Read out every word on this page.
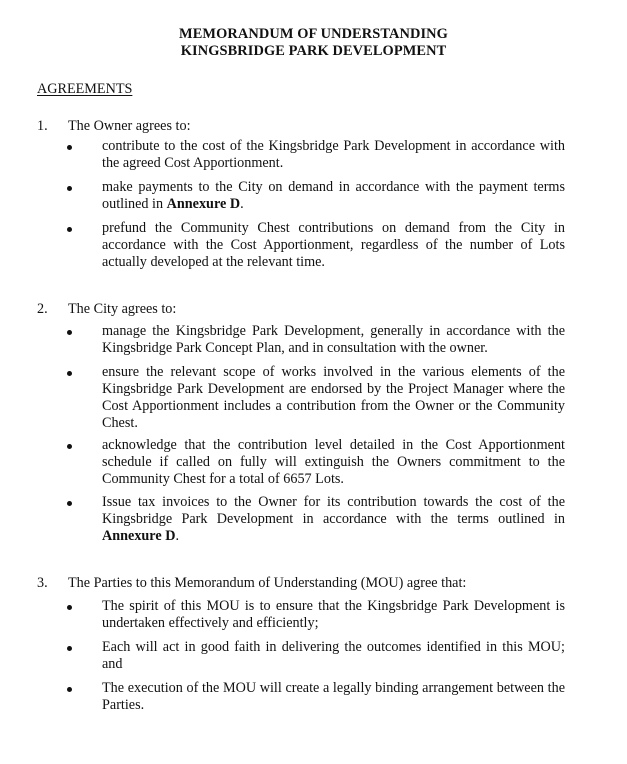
MEMORANDUM OF UNDERSTANDING
KINGSBRIDGE PARK DEVELOPMENT
AGREEMENTS
1. The Owner agrees to:
contribute to the cost of the Kingsbridge Park Development in accordance with the agreed Cost Apportionment.
make payments to the City on demand in accordance with the payment terms outlined in Annexure D.
prefund the Community Chest contributions on demand from the City in accordance with the Cost Apportionment, regardless of the number of Lots actually developed at the relevant time.
2. The City agrees to:
manage the Kingsbridge Park Development, generally in accordance with the Kingsbridge Park Concept Plan, and in consultation with the owner.
ensure the relevant scope of works involved in the various elements of the Kingsbridge Park Development are endorsed by the Project Manager where the Cost Apportionment includes a contribution from the Owner or the Community Chest.
acknowledge that the contribution level detailed in the Cost Apportionment schedule if called on fully will extinguish the Owners commitment to the Community Chest for a total of 6657 Lots.
Issue tax invoices to the Owner for its contribution towards the cost of the Kingsbridge Park Development in accordance with the terms outlined in Annexure D.
3. The Parties to this Memorandum of Understanding (MOU) agree that:
The spirit of this MOU is to ensure that the Kingsbridge Park Development is undertaken effectively and efficiently;
Each will act in good faith in delivering the outcomes identified in this MOU; and
The execution of the MOU will create a legally binding arrangement between the Parties.
